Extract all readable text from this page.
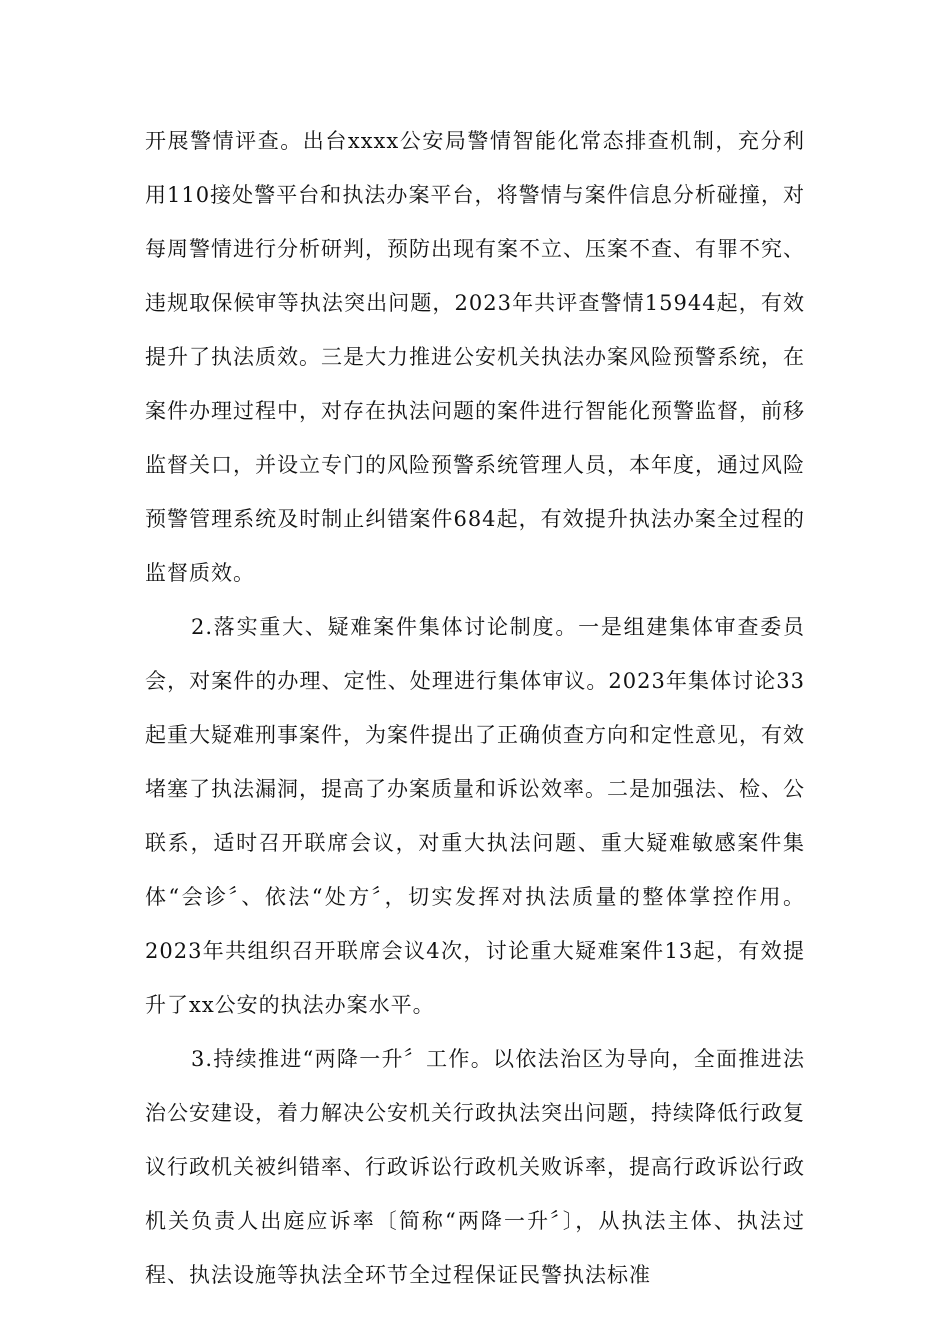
开展警情评查。出台xxxx公安局警情智能化常态排查机制，充分利用110接处警平台和执法办案平台，将警情与案件信息分析碰撞，对每周警情进行分析研判，预防出现有案不立、压案不查、有罪不究、违规取保候审等执法突出问题，2023年共评查警情15944起，有效提升了执法质效。三是大力推进公安机关执法办案风险预警系统，在案件办理过程中，对存在执法问题的案件进行智能化预警监督，前移监督关口，并设立专门的风险预警系统管理人员，本年度，通过风险预警管理系统及时制止纠错案件684起，有效提升执法办案全过程的监督质效。

2.落实重大、疑难案件集体讨论制度。一是组建集体审查委员会，对案件的办理、定性、处理进行集体审议。2023年集体讨论33起重大疑难刑事案件，为案件提出了正确侦查方向和定性意见，有效堵塞了执法漏洞，提高了办案质量和诉讼效率。二是加强法、检、公联系，适时召开联席会议，对重大执法问题、重大疑难敏感案件集体“会诊〞、依法“处方〞，切实发挥对执法质量的整体掌控作用。2023年共组织召开联席会议4次，讨论重大疑难案件13起，有效提升了xx公安的执法办案水平。

3.持续推进“两降一升〞工作。以依法治区为导向，全面推进法治公安建设，着力解决公安机关行政执法突出问题，持续降低行政复议行政机关被纠错率、行政诉讼行政机关败诉率，提高行政诉讼行政机关负责人出庭应诉率〔简称“两降一升〞〕，从执法主体、执法过程、执法设施等执法全环节全过程保证民警执法标准
